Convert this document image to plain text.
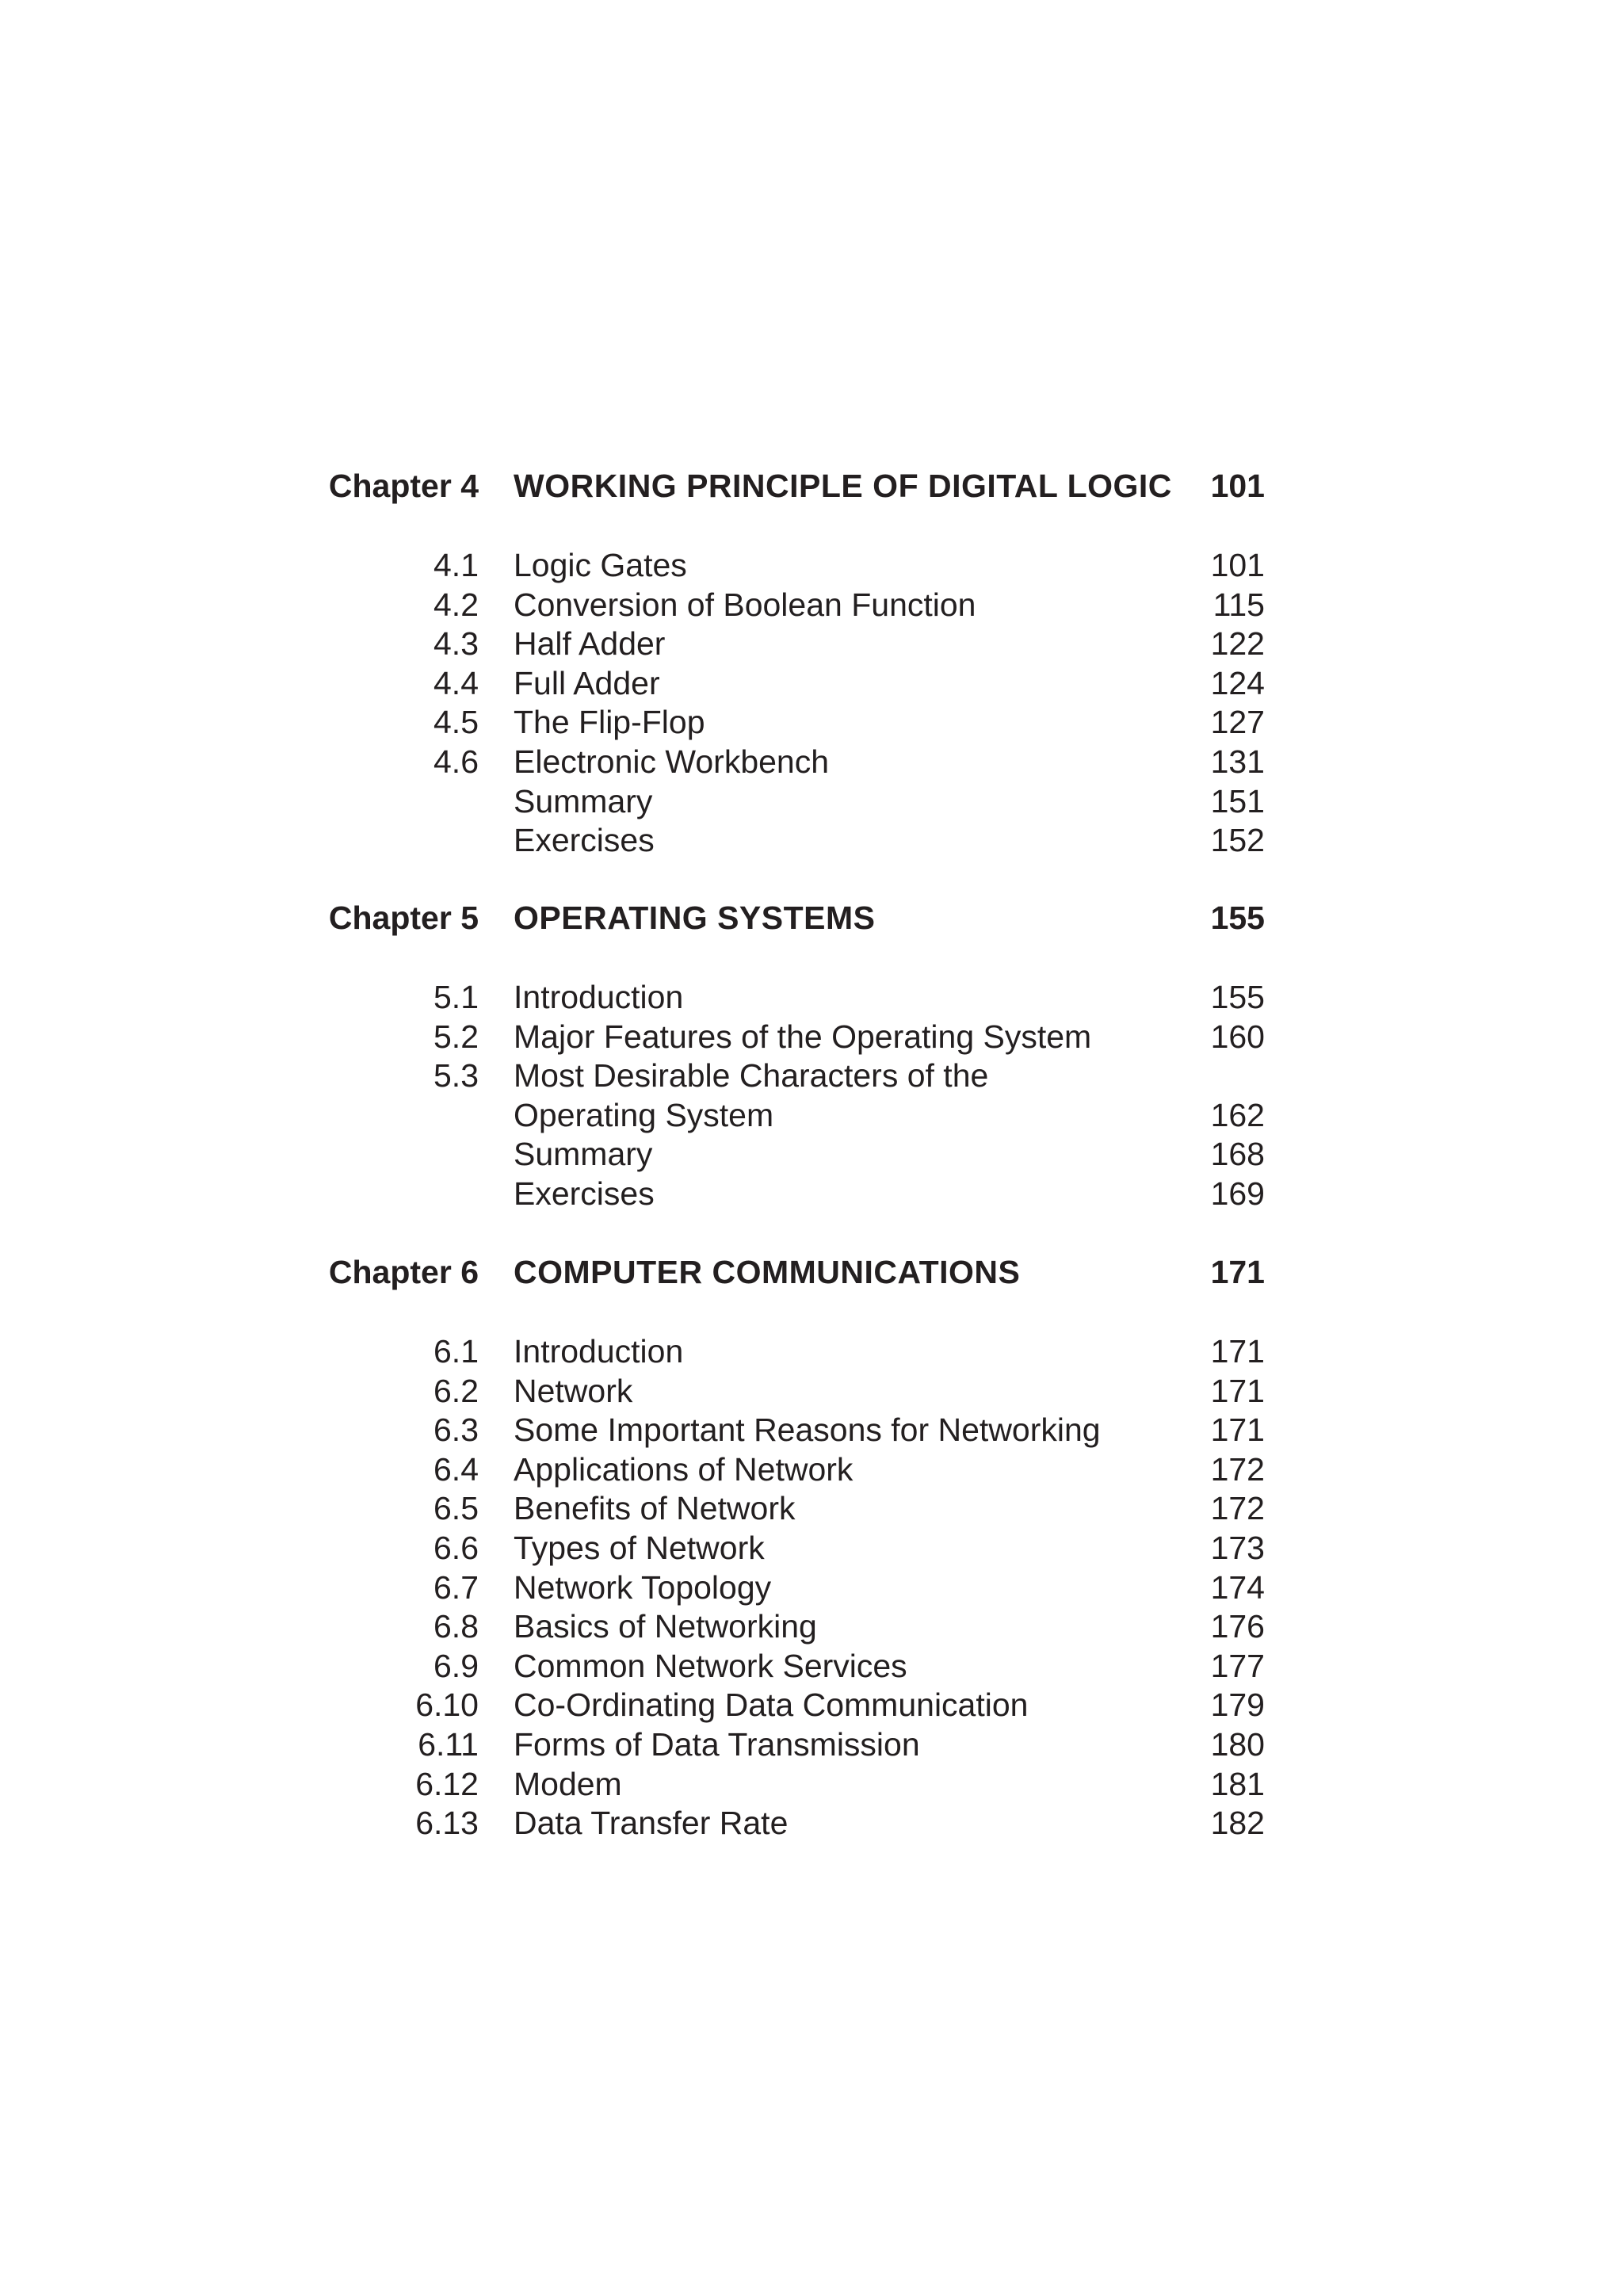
Chapter 4 WORKING PRINCIPLE OF DIGITAL LOGIC 101
4.1 Logic Gates	101
4.2 Conversion of Boolean Function	115
4.3 Half Adder	122
4.4 Full Adder	124
4.5 The Flip-Flop	127
4.6 Electronic Workbench	131
Summary	151
Exercises	152
Chapter 5 OPERATING SYSTEMS	155
5.1 Introduction	155
5.2 Major Features of the Operating System	160
5.3 Most Desirable Characters of the
Operating System	162
Summary	168
Exercises	169
Chapter 6 COMPUTER COMMUNICATIONS	171
6.1 Introduction	171
6.2 Network	171
6.3 Some Important Reasons for Networking	171
6.4 Applications of Network	172
6.5 Benefits of Network	172
6.6 Types of Network	173
6.7 Network Topology	174
6.8 Basics of Networking	176
6.9 Common Network Services	177
6.10 Co-Ordinating Data Communication	179
6.11 Forms of Data Transmission	180
6.12 Modem	181
6.13 Data Transfer Rate	182
